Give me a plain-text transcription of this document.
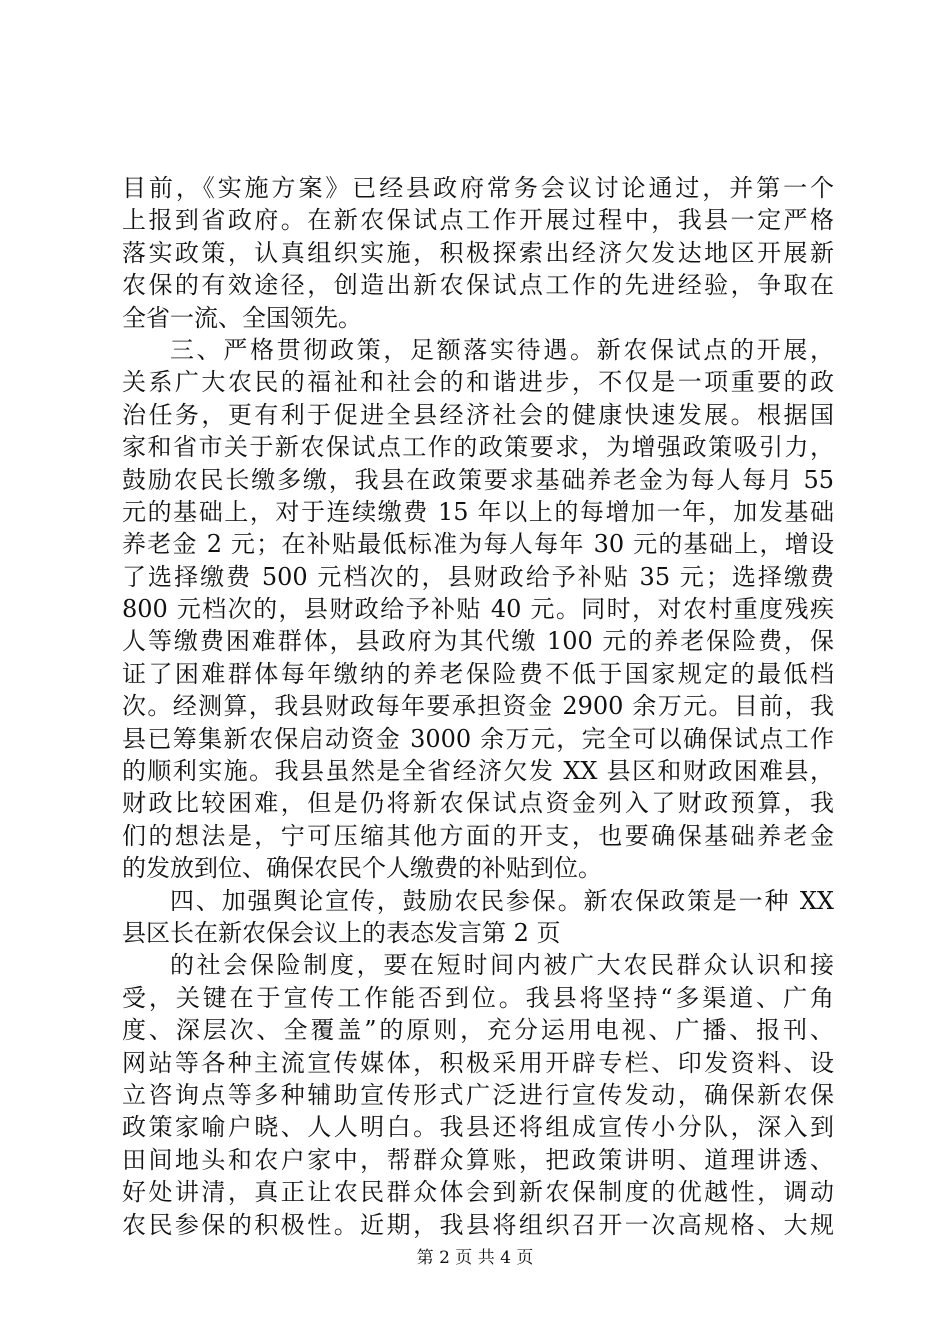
目前，《实施方案》已经县政府常务会议讨论通过，并第一个
上报到省政府。在新农保试点工作开展过程中，我县一定严格
落实政策，认真组织实施，积极探索出经济欠发达地区开展新
农保的有效途径，创造出新农保试点工作的先进经验，争取在
全省一流、全国领先。
三、严格贯彻政策，足额落实待遇。新农保试点的开展，
关系广大农民的福祉和社会的和谐进步，不仅是一项重要的政
治任务，更有利于促进全县经济社会的健康快速发展。根据国
家和省市关于新农保试点工作的政策要求，为增强政策吸引力，
鼓励农民长缴多缴，我县在政策要求基础养老金为每人每月 55
元的基础上，对于连续缴费 15 年以上的每增加一年，加发基础
养老金 2 元；在补贴最低标准为每人每年 30 元的基础上，增设
了选择缴费 500 元档次的，县财政给予补贴 35 元；选择缴费
800 元档次的，县财政给予补贴 40 元。同时，对农村重度残疾
人等缴费困难群体，县政府为其代缴 100 元的养老保险费，保
证了困难群体每年缴纳的养老保险费不低于国家规定的最低档
次。经测算，我县财政每年要承担资金 2900 余万元。目前，我
县已筹集新农保启动资金 3000 余万元，完全可以确保试点工作
的顺利实施。我县虽然是全省经济欠发 XX 县区和财政困难县，
财政比较困难，但是仍将新农保试点资金列入了财政预算，我
们的想法是，宁可压缩其他方面的开支，也要确保基础养老金
的发放到位、确保农民个人缴费的补贴到位。
四、加强舆论宣传，鼓励农民参保。新农保政策是一种 XX
县区长在新农保会议上的表态发言第 2 页
的社会保险制度，要在短时间内被广大农民群众认识和接
受，关键在于宣传工作能否到位。我县将坚持“多渠道、广角
度、深层次、全覆盖”的原则，充分运用电视、广播、报刊、
网站等各种主流宣传媒体，积极采用开辟专栏、印发资料、设
立咨询点等多种辅助宣传形式广泛进行宣传发动，确保新农保
政策家喻户晓、人人明白。我县还将组成宣传小分队，深入到
田间地头和农户家中，帮群众算账，把政策讲明、道理讲透、
好处讲清，真正让农民群众体会到新农保制度的优越性，调动
农民参保的积极性。近期，我县将组织召开一次高规格、大规
第 2 页 共 4 页
